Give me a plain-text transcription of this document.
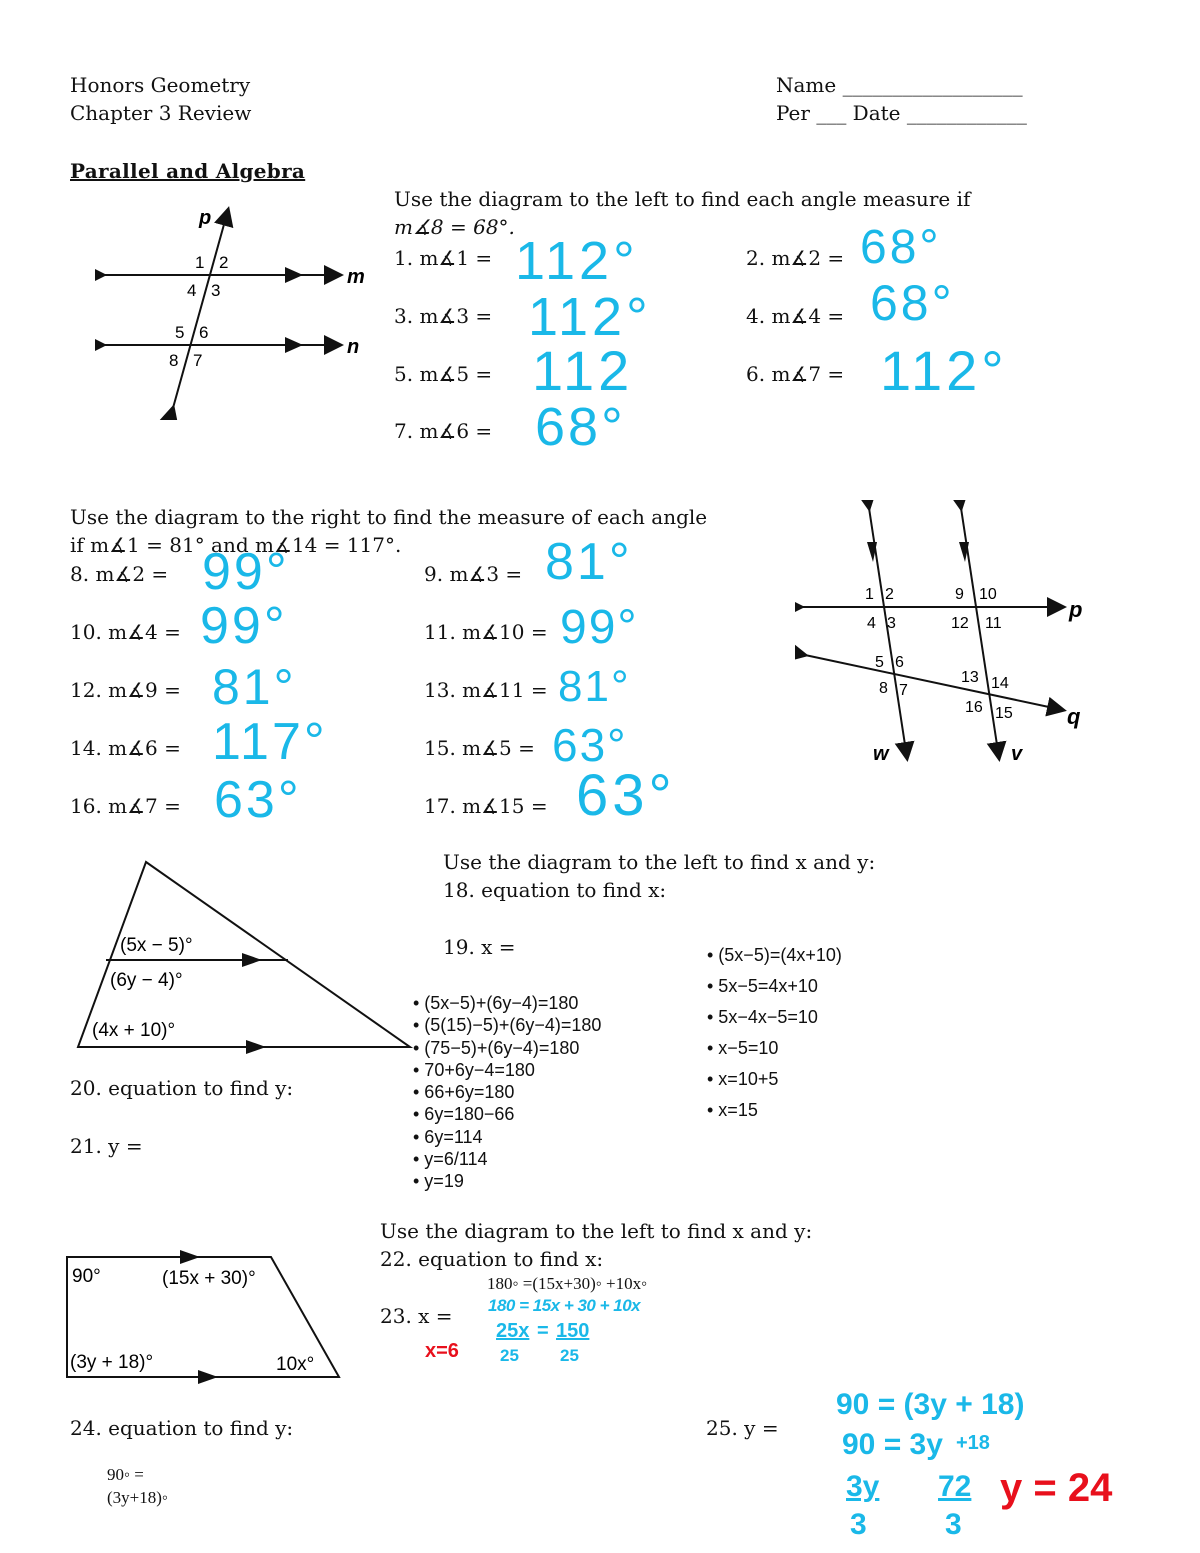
Honors Geometry
Chapter 3 Review
Name __________________
Per ___ Date ____________
Parallel and Algebra
p
m
n
1 2
4 3
5 6
8 7
Use the diagram to the left to find each angle measure if
m∡8 = 68°.
1. m∡1 = 112°	2. m∡2 = 68°
3. m∡3 = 112°	4. m∡4 = 68°
5. m∡5 = 112	6. m∡7 = 112°
7. m∡6 = 68°
Use the diagram to the right to find the measure of each angle
if m∡1 = 81° and m∡14 = 117°.
8. m∡2 = 99°	9. m∡3 = 81°
10. m∡4 = 99°	11. m∡10 = 99°
12. m∡9 = 81°	13. m∡11 = 81°
14. m∡6 = 117°	15. m∡5 = 63°
16. m∡7 = 63°	17. m∡15 = 63°
p
q
w	v
1 2
4 3
9 10
12 11
5 6
8 7
13 14
16 15
(5x − 5)°
(6y − 4)°
(4x + 10)°
Use the diagram to the left to find x and y:
18. equation to find x:
19. x =	• (5x−5)=(4x+10)
• 5x−5=4x+10
• 5x−4x−5=10
• x−5=10
• x=10+5
• x=15
• (5x−5)+(6y−4)=180
• (5(15)−5)+(6y−4)=180
• (75−5)+(6y−4)=180
• 70+6y−4=180
• 66+6y=180
• 6y=180−66
• 6y=114
• y=6/114
• y=19
20. equation to find y:
21. y =
90°	(15x + 30)°
(3y + 18)°	10x°
Use the diagram to the left to find x and y:
22. equation to find x:
180◦ =(15x+30)◦ +10x◦
23. x = 180 = 15x + 30 + 10x
25x = 150
25 25
x=6
24. equation to find y:
90◦ =
(3y+18)◦
25. y =
90 = (3y + 18)
90 = 3y +18
3y 72
3	3
y = 24
